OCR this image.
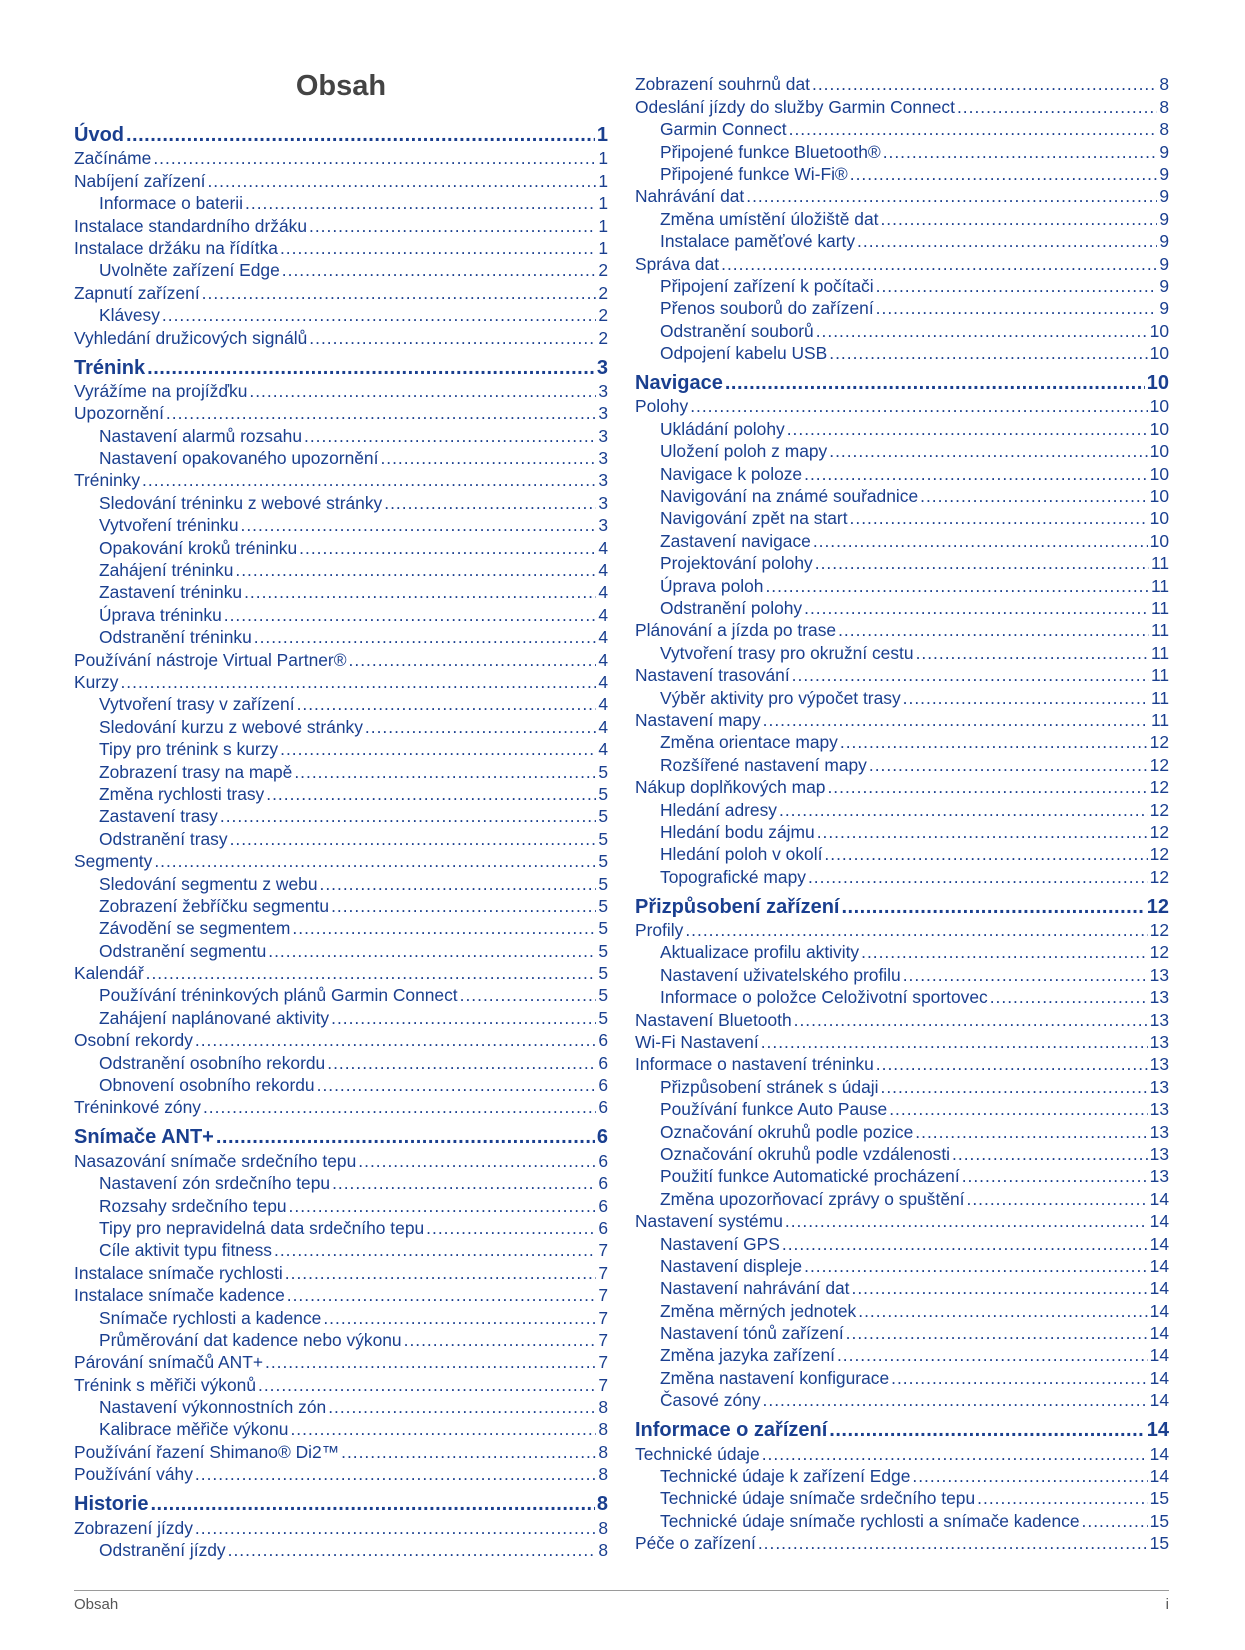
Obsah
Úvod .....	1
Začínáme .....	1
Nabíjení zařízení .....	1
Informace o baterii .....	1
Instalace standardního držáku .....	1
Instalace držáku na řídítka .....	1
Uvolněte zařízení Edge .....	2
Zapnutí zařízení .....	2
Klávesy .....	2
Vyhledání družicových signálů .....	2
Trénink .....	3
Vyrážíme na projížďku .....	3
Upozornění .....	3
Nastavení alarmů rozsahu .....	3
Nastavení opakovaného upozornění .....	3
Tréninky .....	3
Sledování tréninku z webové stránky .....	3
Vytvoření tréninku .....	3
Opakování kroků tréninku .....	4
Zahájení tréninku .....	4
Zastavení tréninku .....	4
Úprava tréninku .....	4
Odstranění tréninku .....	4
Používání nástroje Virtual Partner® .....	4
Kurzy .....	4
Vytvoření trasy v zařízení .....	4
Sledování kurzu z webové stránky .....	4
Tipy pro trénink s kurzy .....	4
Zobrazení trasy na mapě .....	5
Změna rychlosti trasy .....	5
Zastavení trasy .....	5
Odstranění trasy .....	5
Segmenty .....	5
Sledování segmentu z webu .....	5
Zobrazení žebříčku segmentu .....	5
Závodění se segmentem .....	5
Odstranění segmentu .....	5
Kalendář .....	5
Používání tréninkových plánů Garmin Connect .....	5
Zahájení naplánované aktivity .....	5
Osobní rekordy .....	6
Odstranění osobního rekordu .....	6
Obnovení osobního rekordu .....	6
Tréninkové zóny .....	6
Snímače ANT+ .....	6
Nasazování snímače srdečního tepu .....	6
Nastavení zón srdečního tepu .....	6
Rozsahy srdečního tepu .....	6
Tipy pro nepravidelná data srdečního tepu .....	6
Cíle aktivit typu fitness .....	7
Instalace snímače rychlosti .....	7
Instalace snímače kadence .....	7
Snímače rychlosti a kadence .....	7
Průměrování dat kadence nebo výkonu .....	7
Párování snímačů ANT+ .....	7
Trénink s měřiči výkonů .....	7
Nastavení výkonnostních zón .....	8
Kalibrace měřiče výkonu .....	8
Používání řazení Shimano® Di2™ .....	8
Používání váhy .....	8
Historie .....	8
Zobrazení jízdy .....	8
Odstranění jízdy .....	8
Zobrazení souhrnů dat .....	8
Odeslání jízdy do služby Garmin Connect .....	8
Garmin Connect .....	8
Připojené funkce Bluetooth® .....	9
Připojené funkce Wi‑Fi® .....	9
Nahrávání dat .....	9
Změna umístění úložiště dat .....	9
Instalace paměťové karty .....	9
Správa dat .....	9
Připojení zařízení k počítači .....	9
Přenos souborů do zařízení .....	9
Odstranění souborů .....	10
Odpojení kabelu USB .....	10
Navigace .....	10
Polohy .....	10
Ukládání polohy .....	10
Uložení poloh z mapy .....	10
Navigace k poloze .....	10
Navigování na známé souřadnice .....	10
Navigování zpět na start .....	10
Zastavení navigace .....	10
Projektování polohy .....	11
Úprava poloh .....	11
Odstranění polohy .....	11
Plánování a jízda po trase .....	11
Vytvoření trasy pro okružní cestu .....	11
Nastavení trasování .....	11
Výběr aktivity pro výpočet trasy .....	11
Nastavení mapy .....	11
Změna orientace mapy .....	12
Rozšířené nastavení mapy .....	12
Nákup doplňkových map .....	12
Hledání adresy .....	12
Hledání bodu zájmu .....	12
Hledání poloh v okolí .....	12
Topografické mapy .....	12
Přizpůsobení zařízení .....	12
Profily .....	12
Aktualizace profilu aktivity .....	12
Nastavení uživatelského profilu .....	13
Informace o položce Celoživotní sportovec .....	13
Nastavení Bluetooth .....	13
Wi‑Fi Nastavení .....	13
Informace o nastavení tréninku .....	13
Přizpůsobení stránek s údaji .....	13
Používání funkce Auto Pause .....	13
Označování okruhů podle pozice .....	13
Označování okruhů podle vzdálenosti .....	13
Použití funkce Automatické procházení .....	13
Změna upozorňovací zprávy o spuštění .....	14
Nastavení systému .....	14
Nastavení GPS .....	14
Nastavení displeje .....	14
Nastavení nahrávání dat .....	14
Změna měrných jednotek .....	14
Nastavení tónů zařízení .....	14
Změna jazyka zařízení .....	14
Změna nastavení konfigurace .....	14
Časové zóny .....	14
Informace o zařízení .....	14
Technické údaje .....	14
Technické údaje k zařízení Edge .....	14
Technické údaje snímače srdečního tepu .....	15
Technické údaje snímače rychlosti a snímače kadence .....	15
Péče o zařízení .....	15
Obsah	i
